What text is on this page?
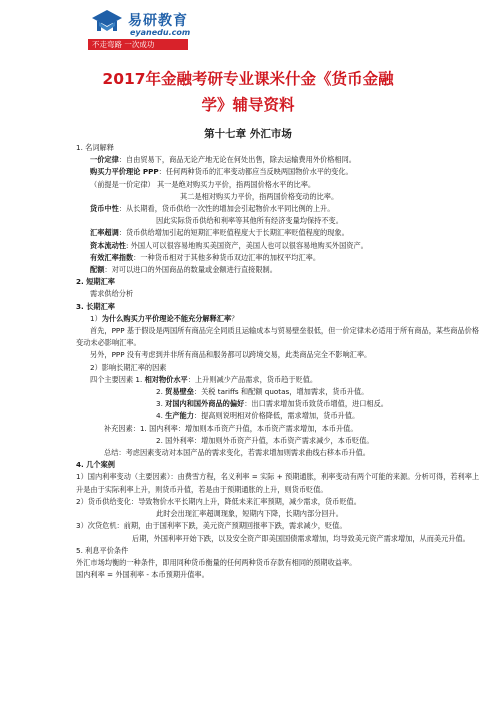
易研教育
eyanedu.com
不走弯路 一次成功
2017年金融考研专业课米什金《货币金融
学》辅导资料
第十七章 外汇市场
1. 名词解释
一价定律：自由贸易下，商品无论产地无论在何处出售，除去运输费用外价格相同。
购买力平价理论 PPP：任何两种货币的汇率变动都应当反映两国物价水平的变化。
（前提是一价定律） 其一是绝对购买力平价，指两国价格水平的比率。
其二是相对购买力平价，指两国价格变动的比率。
货币中性：从长期看，货币供给一次性的增加会引起物价水平同比例的上升。
因此实际货币供给和利率等其他所有经济变量均保持不变。
汇率超调：货币供给增加引起的短期汇率贬值程度大于长期汇率贬值程度的现象。
资本流动性: 外国人可以很容易地购买美国资产，美国人也可以很容易地购买外国资产。
有效汇率指数：一种货币相对于其他多种货币双边汇率的加权平均汇率。
配额：对可以进口的外国商品的数量或金额进行直接限制。
2. 短期汇率
需求供给分析
3. 长期汇率
1）为什么购买力平价理论不能充分解释汇率？
首先，PPP 基于假设是两国所有商品完全同质且运输成本与贸易壁垒很低，但一价定律未必适用于所有商品，某些商品价格变动未必影响汇率。
另外，PPP 没有考虑到并非所有商品和服务都可以跨境交易，此类商品完全不影响汇率。
2）影响长期汇率的因素
四个主要因素 1. 相对物价水平：上升则减少产品需求，货币趋于贬值。
2. 贸易壁垒：关税 tariffs 和配额 quotas，增加需求，货币升值。
3. 对国内和国外商品的偏好：出口需求增加货币致货币增值，进口相反。
4. 生产能力：提高则说明相对价格降低，需求增加，货币升值。
补充因素：1. 国内利率：增加则本币资产升值，本币资产需求增加，本币升值。
2. 国外利率：增加则外币资产升值，本币资产需求减少，本币贬值。
总结：考虑因素变动对本国产品的需求变化，若需求增加则需求曲线右移本币升值。
4. 几个案例
1）国内利率变动（主要因素）：由费雪方程，名义利率 = 实际 + 预期通胀，利率变动有两个可能的来源。分析可得，若利率上升是由于实际利率上升，则货币升值，若是由于预期通胀的上升，则货币贬值。
2）货币供给变化：导致物价水平长期内上升，降低未来汇率预期，减少需求，货币贬值。
此时会出现汇率超调现象，短期内下降，长期内部分回升。
3）次贷危机：前期，由于国利率下跌，美元资产预期回报率下跌，需求减少，贬值。
后期，外国利率开始下跌，以及安全资产即美国国债需求增加，均导致美元资产需求增加，从而美元升值。
5. 利息平价条件
外汇市场均衡的一种条件，即用同种货币衡量的任何两种货币存款有相同的预期收益率。
国内利率 = 外国利率 - 本币预期升值率。
